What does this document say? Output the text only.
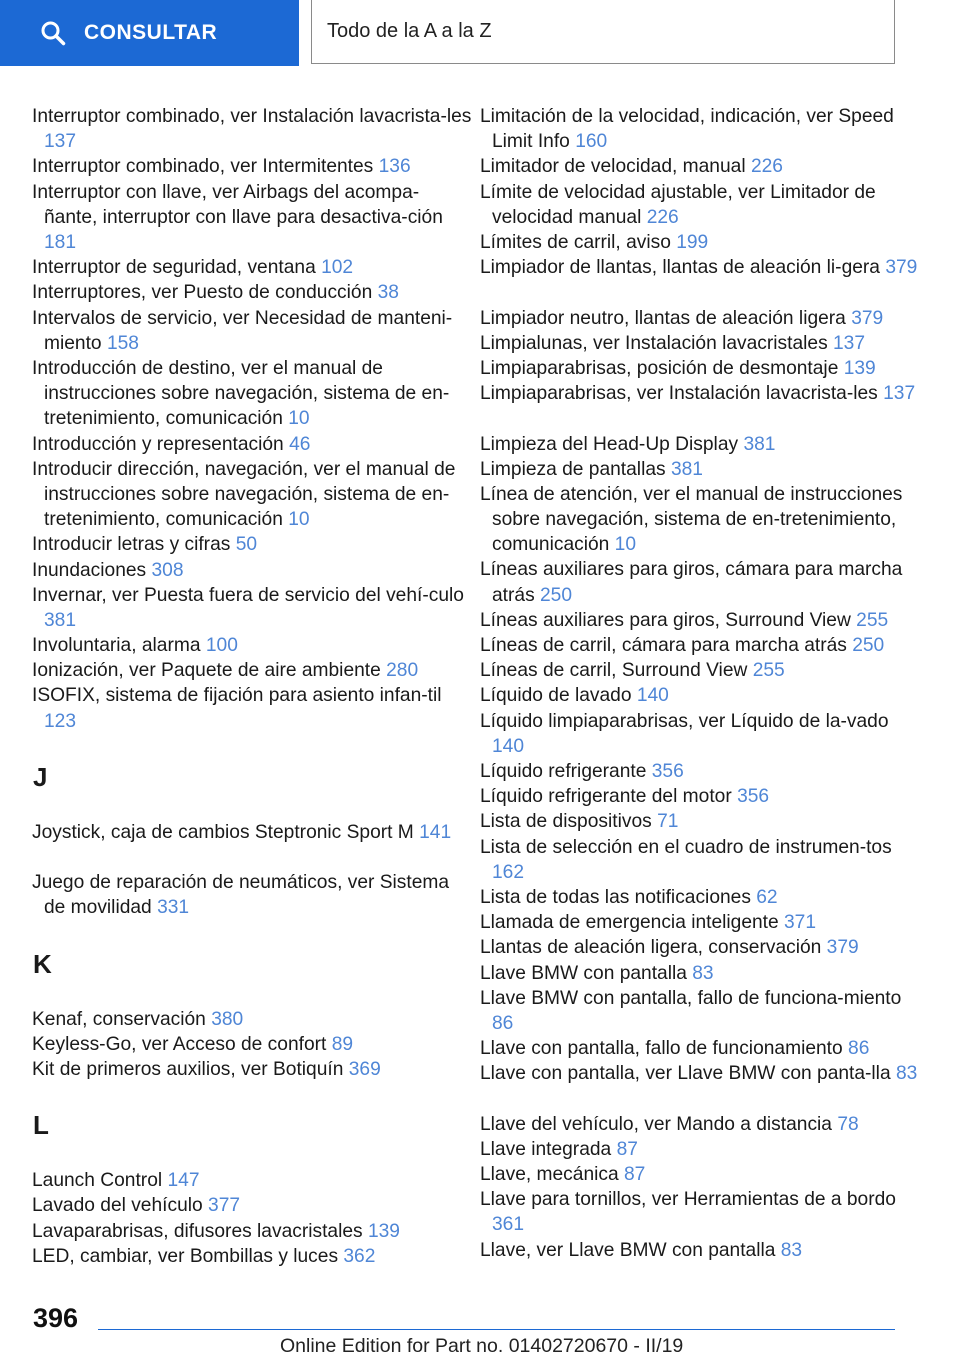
CONSULTAR	Todo de la A a la Z
Interruptor combinado, ver Instalación lavacrista-les 137
Interruptor combinado, ver Intermitentes 136
Interruptor con llave, ver Airbags del acompa-ñante, interruptor con llave para desactiva-ción 181
Interruptor de seguridad, ventana 102
Interruptores, ver Puesto de conducción 38
Intervalos de servicio, ver Necesidad de manteni-miento 158
Introducción de destino, ver el manual de instrucciones sobre navegación, sistema de en-tretenimiento, comunicación 10
Introducción y representación 46
Introducir dirección, navegación, ver el manual de instrucciones sobre navegación, sistema de en-tretenimiento, comunicación 10
Introducir letras y cifras 50
Inundaciones 308
Invernar, ver Puesta fuera de servicio del vehí-culo 381
Involuntaria, alarma 100
Ionización, ver Paquete de aire ambiente 280
ISOFIX, sistema de fijación para asiento infan-til 123
J
Joystick, caja de cambios Steptronic Sport M 141
Juego de reparación de neumáticos, ver Sistema de movilidad 331
K
Kenaf, conservación 380
Keyless-Go, ver Acceso de confort 89
Kit de primeros auxilios, ver Botiquín 369
L
Launch Control 147
Lavado del vehículo 377
Lavaparabrisas, difusores lavacristales 139
LED, cambiar, ver Bombillas y luces 362
Limitación de la velocidad, indicación, ver Speed Limit Info 160
Limitador de velocidad, manual 226
Límite de velocidad ajustable, ver Limitador de velocidad manual 226
Límites de carril, aviso 199
Limpiador de llantas, llantas de aleación li-gera 379
Limpiador neutro, llantas de aleación ligera 379
Limpialunas, ver Instalación lavacristales 137
Limpiaparabrisas, posición de desmontaje 139
Limpiaparabrisas, ver Instalación lavacrista-les 137
Limpieza del Head-Up Display 381
Limpieza de pantallas 381
Línea de atención, ver el manual de instrucciones sobre navegación, sistema de en-tretenimiento, comunicación 10
Líneas auxiliares para giros, cámara para marcha atrás 250
Líneas auxiliares para giros, Surround View 255
Líneas de carril, cámara para marcha atrás 250
Líneas de carril, Surround View 255
Líquido de lavado 140
Líquido limpiaparabrisas, ver Líquido de la-vado 140
Líquido refrigerante 356
Líquido refrigerante del motor 356
Lista de dispositivos 71
Lista de selección en el cuadro de instrumen-tos 162
Lista de todas las notificaciones 62
Llamada de emergencia inteligente 371
Llantas de aleación ligera, conservación 379
Llave BMW con pantalla 83
Llave BMW con pantalla, fallo de funciona-miento 86
Llave con pantalla, fallo de funcionamiento 86
Llave con pantalla, ver Llave BMW con panta-lla 83
Llave del vehículo, ver Mando a distancia 78
Llave integrada 87
Llave, mecánica 87
Llave para tornillos, ver Herramientas de a bordo 361
Llave, ver Llave BMW con pantalla 83
396
Online Edition for Part no. 01402720670 - II/19
